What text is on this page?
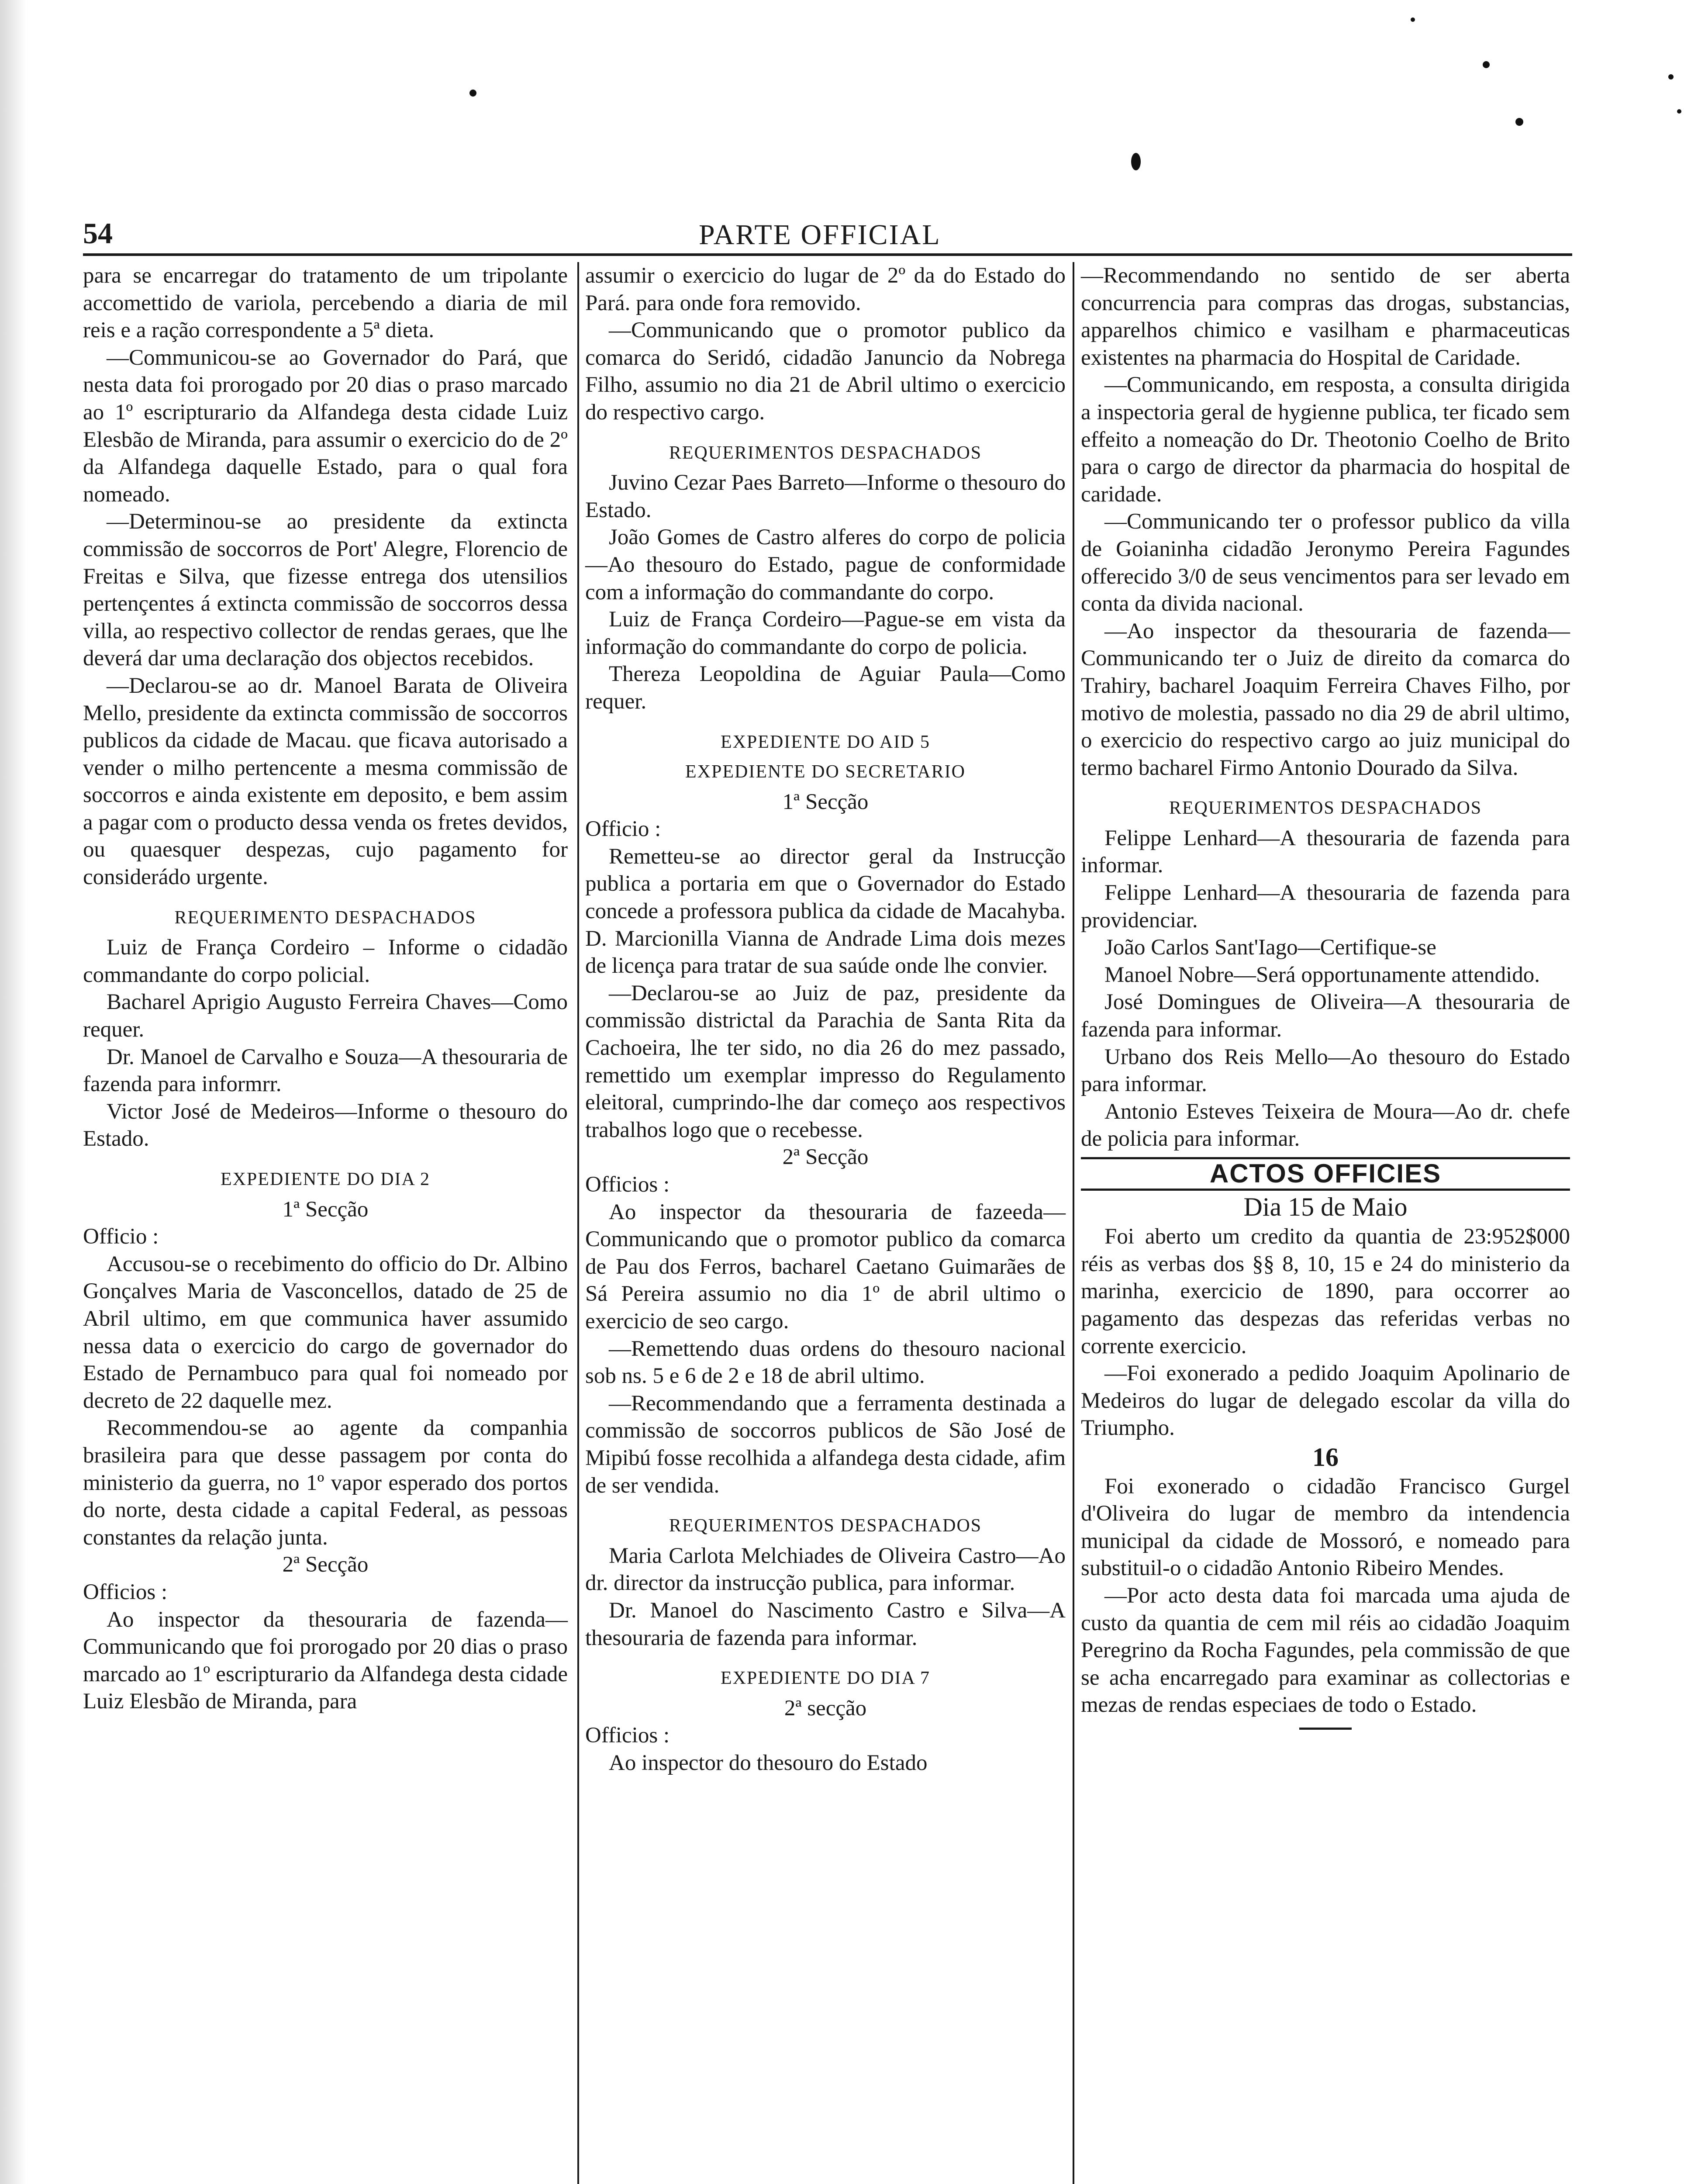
54	PARTE OFFICIAL

para se encarregar do tratamento de um tripolante accomettido de variola, percebendo a diaria de mil reis e a ração correspondente a 5ª dieta.

—Communicou-se ao Governador do Pará, que nesta data foi prorogado por 20 dias o praso marcado ao 1º escripturario da Alfandega desta cidade Luiz Elesbão de Miranda, para assumir o exercicio do de 2º da Alfandega daquelle Estado, para o qual fora nomeado.

—Determinou-se ao presidente da extincta commissão de soccorros de Port' Alegre, Florencio de Freitas e Silva, que fizesse entrega dos utensilios pertençentes á extincta commissão de soccorros dessa villa, ao respectivo collector de rendas geraes, que lhe deverá dar uma declaração dos objectos recebidos.

—Declarou-se ao dr. Manoel Barata de Oliveira Mello, presidente da extincta commissão de soccorros publicos da cidade de Macau. que ficava autorisado a vender o milho pertencente a mesma commissão de soccorros e ainda existente em deposito, e bem assim a pagar com o producto dessa venda os fretes devidos, ou quaesquer despezas, cujo pagamento for considerádo urgente.

REQUERIMENTO DESPACHADOS

Luiz de França Cordeiro – Informe o cidadão commandante do corpo policial.

Bacharel Aprigio Augusto Ferreira Chaves—Como requer.

Dr. Manoel de Carvalho e Souza—A thesouraria de fazenda para informrr.

Victor José de Medeiros—Informe o thesouro do Estado.

EXPEDIENTE DO DIA 2
1ª Secção

Officio :

Accusou-se o recebimento do officio do Dr. Albino Gonçalves Maria de Vasconcellos, datado de 25 de Abril ultimo, em que communica haver assumido nessa data o exercicio do cargo de governador do Estado de Pernambuco para qual foi nomeado por decreto de 22 daquelle mez.

Recommendou-se ao agente da companhia brasileira para que desse passagem por conta do ministerio da guerra, no 1º vapor esperado dos portos do norte, desta cidade a capital Federal, as pessoas constantes da relação junta.

2ª Secção

Officios :

Ao inspector da thesouraria de fazenda—Communicando que foi prorogado por 20 dias o praso marcado ao 1º escripturario da Alfandega desta cidade Luiz Elesbão de Miranda, para

assumir o exercicio do lugar de 2º da do Estado do Pará. para onde fora removido.

—Communicando que o promotor publico da comarca do Seridó, cidadão Januncio da Nobrega Filho, assumio no dia 21 de Abril ultimo o exercicio do respectivo cargo.

REQUERIMENTOS DESPACHADOS

Juvino Cezar Paes Barreto—Informe o thesouro do Estado.

João Gomes de Castro alferes do corpo de policia—Ao thesouro do Estado, pague de conformidade com a informação do commandante do corpo.

Luiz de França Cordeiro—Pague-se em vista da informação do commandante do corpo de policia.

Thereza Leopoldina de Aguiar Paula—Como requer.

EXPEDIENTE DO AID 5
EXPEDIENTE DO SECRETARIO
1ª Secção

Officio :

Remetteu-se ao director geral da Instrucção publica a portaria em que o Governador do Estado concede a professora publica da cidade de Macahyba. D. Marcionilla Vianna de Andrade Lima dois mezes de licença para tratar de sua saúde onde lhe convier.

—Declarou-se ao Juiz de paz, presidente da commissão districtal da Parachia de Santa Rita da Cachoeira, lhe ter sido, no dia 26 do mez passado, remettido um exemplar impresso do Regulamento eleitoral, cumprindo-lhe dar começo aos respectivos trabalhos logo que o recebesse.

2ª Secção

Officios :

Ao inspector da thesouraria de fazeeda—Communicando que o promotor publico da comarca de Pau dos Ferros, bacharel Caetano Guimarães de Sá Pereira assumio no dia 1º de abril ultimo o exercicio de seo cargo.

—Remettendo duas ordens do thesouro nacional sob ns. 5 e 6 de 2 e 18 de abril ultimo.

—Recommendando que a ferramenta destinada a commissão de soccorros publicos de São José de Mipibú fosse recolhida a alfandega desta cidade, afim de ser vendida.

REQUERIMENTOS DESPACHADOS

Maria Carlota Melchiades de Oliveira Castro—Ao dr. director da instrucção publica, para informar.

Dr. Manoel do Nascimento Castro e Silva—A thesouraria de fazenda para informar.

EXPEDIENTE DO DIA 7
2ª secção

Officios :

Ao inspector do thesouro do Estado

—Recommendando no sentido de ser aberta concurrencia para compras das drogas, substancias, apparelhos chimico e vasilham e pharmaceuticas existentes na pharmacia do Hospital de Caridade.

—Communicando, em resposta, a consulta dirigida a inspectoria geral de hygienne publica, ter ficado sem effeito a nomeação do Dr. Theotonio Coelho de Brito para o cargo de director da pharmacia do hospital de caridade.

—Communicando ter o professor publico da villa de Goianinha cidadão Jeronymo Pereira Fagundes offerecido 3/0 de seus vencimentos para ser levado em conta da divida nacional.

—Ao inspector da thesouraria de fazenda—Communicando ter o Juiz de direito da comarca do Trahiry, bacharel Joaquim Ferreira Chaves Filho, por motivo de molestia, passado no dia 29 de abril ultimo, o exercicio do respectivo cargo ao juiz municipal do termo bacharel Firmo Antonio Dourado da Silva.

REQUERIMENTOS DESPACHADOS

Felippe Lenhard—A thesouraria de fazenda para informar.

Felippe Lenhard—A thesouraria de fazenda para providenciar.

João Carlos Sant'Iago—Certifique-se

Manoel Nobre—Será opportunamente attendido.

José Domingues de Oliveira—A thesouraria de fazenda para informar.

Urbano dos Reis Mello—Ao thesouro do Estado para informar.

Antonio Esteves Teixeira de Moura—Ao dr. chefe de policia para informar.

ACTOS OFFICIES
Dia 15 de Maio

Foi aberto um credito da quantia de 23:952$000 réis as verbas dos §§ 8, 10, 15 e 24 do ministerio da marinha, exercicio de 1890, para occorrer ao pagamento das despezas das referidas verbas no corrente exercicio.

—Foi exonerado a pedido Joaquim Apolinario de Medeiros do lugar de delegado escolar da villa do Triumpho.

16

Foi exonerado o cidadão Francisco Gurgel d'Oliveira do lugar de membro da intendencia municipal da cidade de Mossoró, e nomeado para substituil-o o cidadão Antonio Ribeiro Mendes.

—Por acto desta data foi marcada uma ajuda de custo da quantia de cem mil réis ao cidadão Joaquim Peregrino da Rocha Fagundes, pela commissão de que se acha encarregado para examinar as collectorias e mezas de rendas especiaes de todo o Estado.
